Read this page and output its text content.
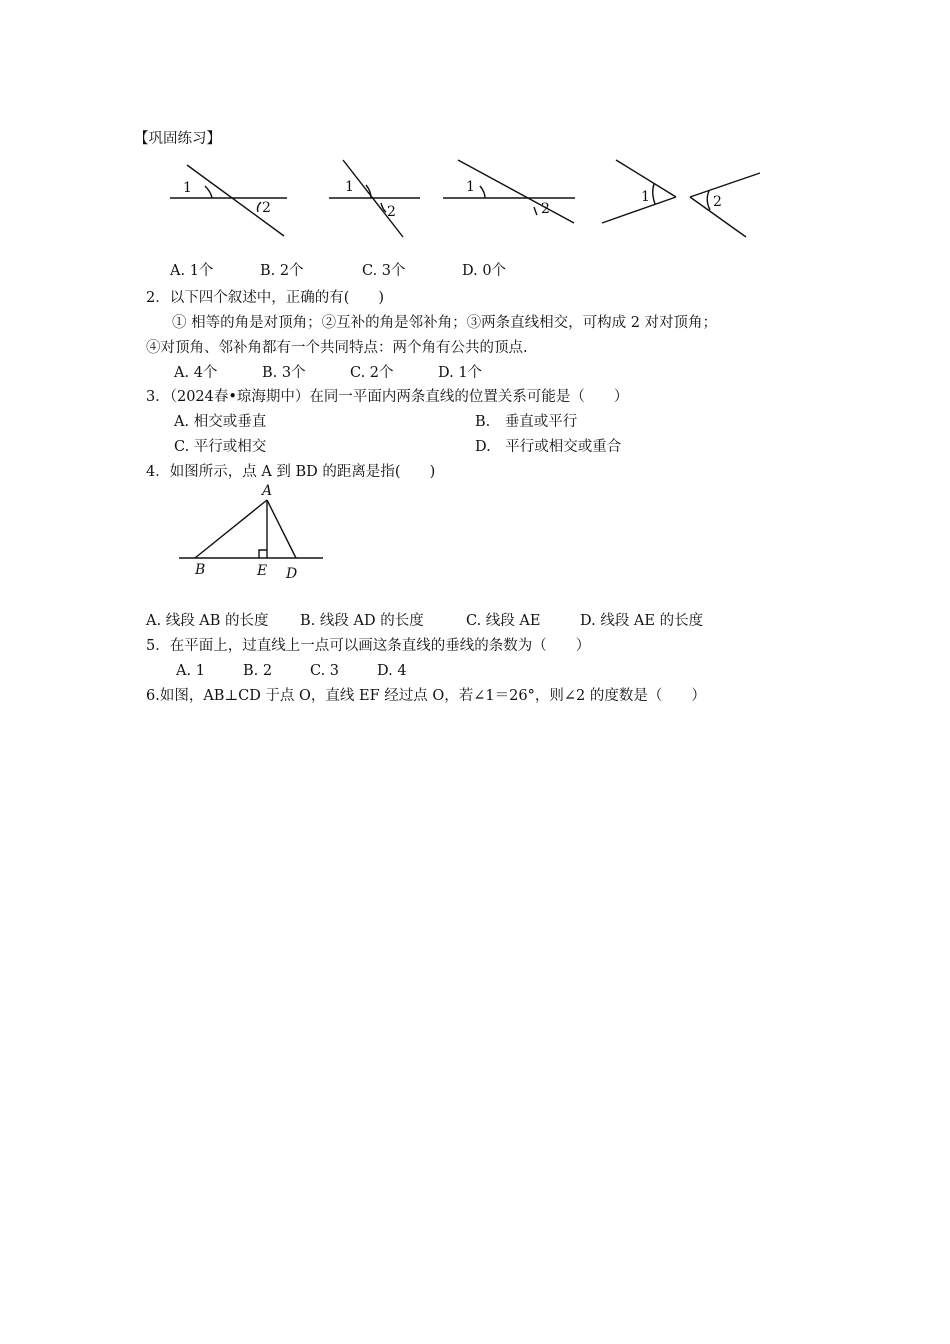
【巩固练习】
1
2
1
2
1
2
1	2
A. 1个	B. 2个	C. 3个	D. 0个
2．以下四个叙述中，正确的有(　　)
① 相等的角是对顶角；②互补的角是邻补角；③两条直线相交，可构成 2 对对顶角；
④对顶角、邻补角都有一个共同特点：两个角有公共的顶点.
A. 4个	B. 3个	C. 2个	D. 1个
3．（2024春•琼海期中）在同一平面内两条直线的位置关系可能是（　　）
A. 相交或垂直	B.　垂直或平行
C. 平行或相交	D.　平行或相交或重合
4．如图所示，点 A 到 BD 的距离是指(　　)
A
B	E D
A. 线段 AB 的长度 B. 线段 AD 的长度	C. 线段 AE	D. 线段 AE 的长度
5．在平面上，过直线上一点可以画这条直线的垂线的条数为（　　）
A. 1	B. 2	C. 3	D. 4
6.如图，AB⊥CD 于点 O，直线 EF 经过点 O，若∠1＝26°，则∠2 的度数是（　　）
